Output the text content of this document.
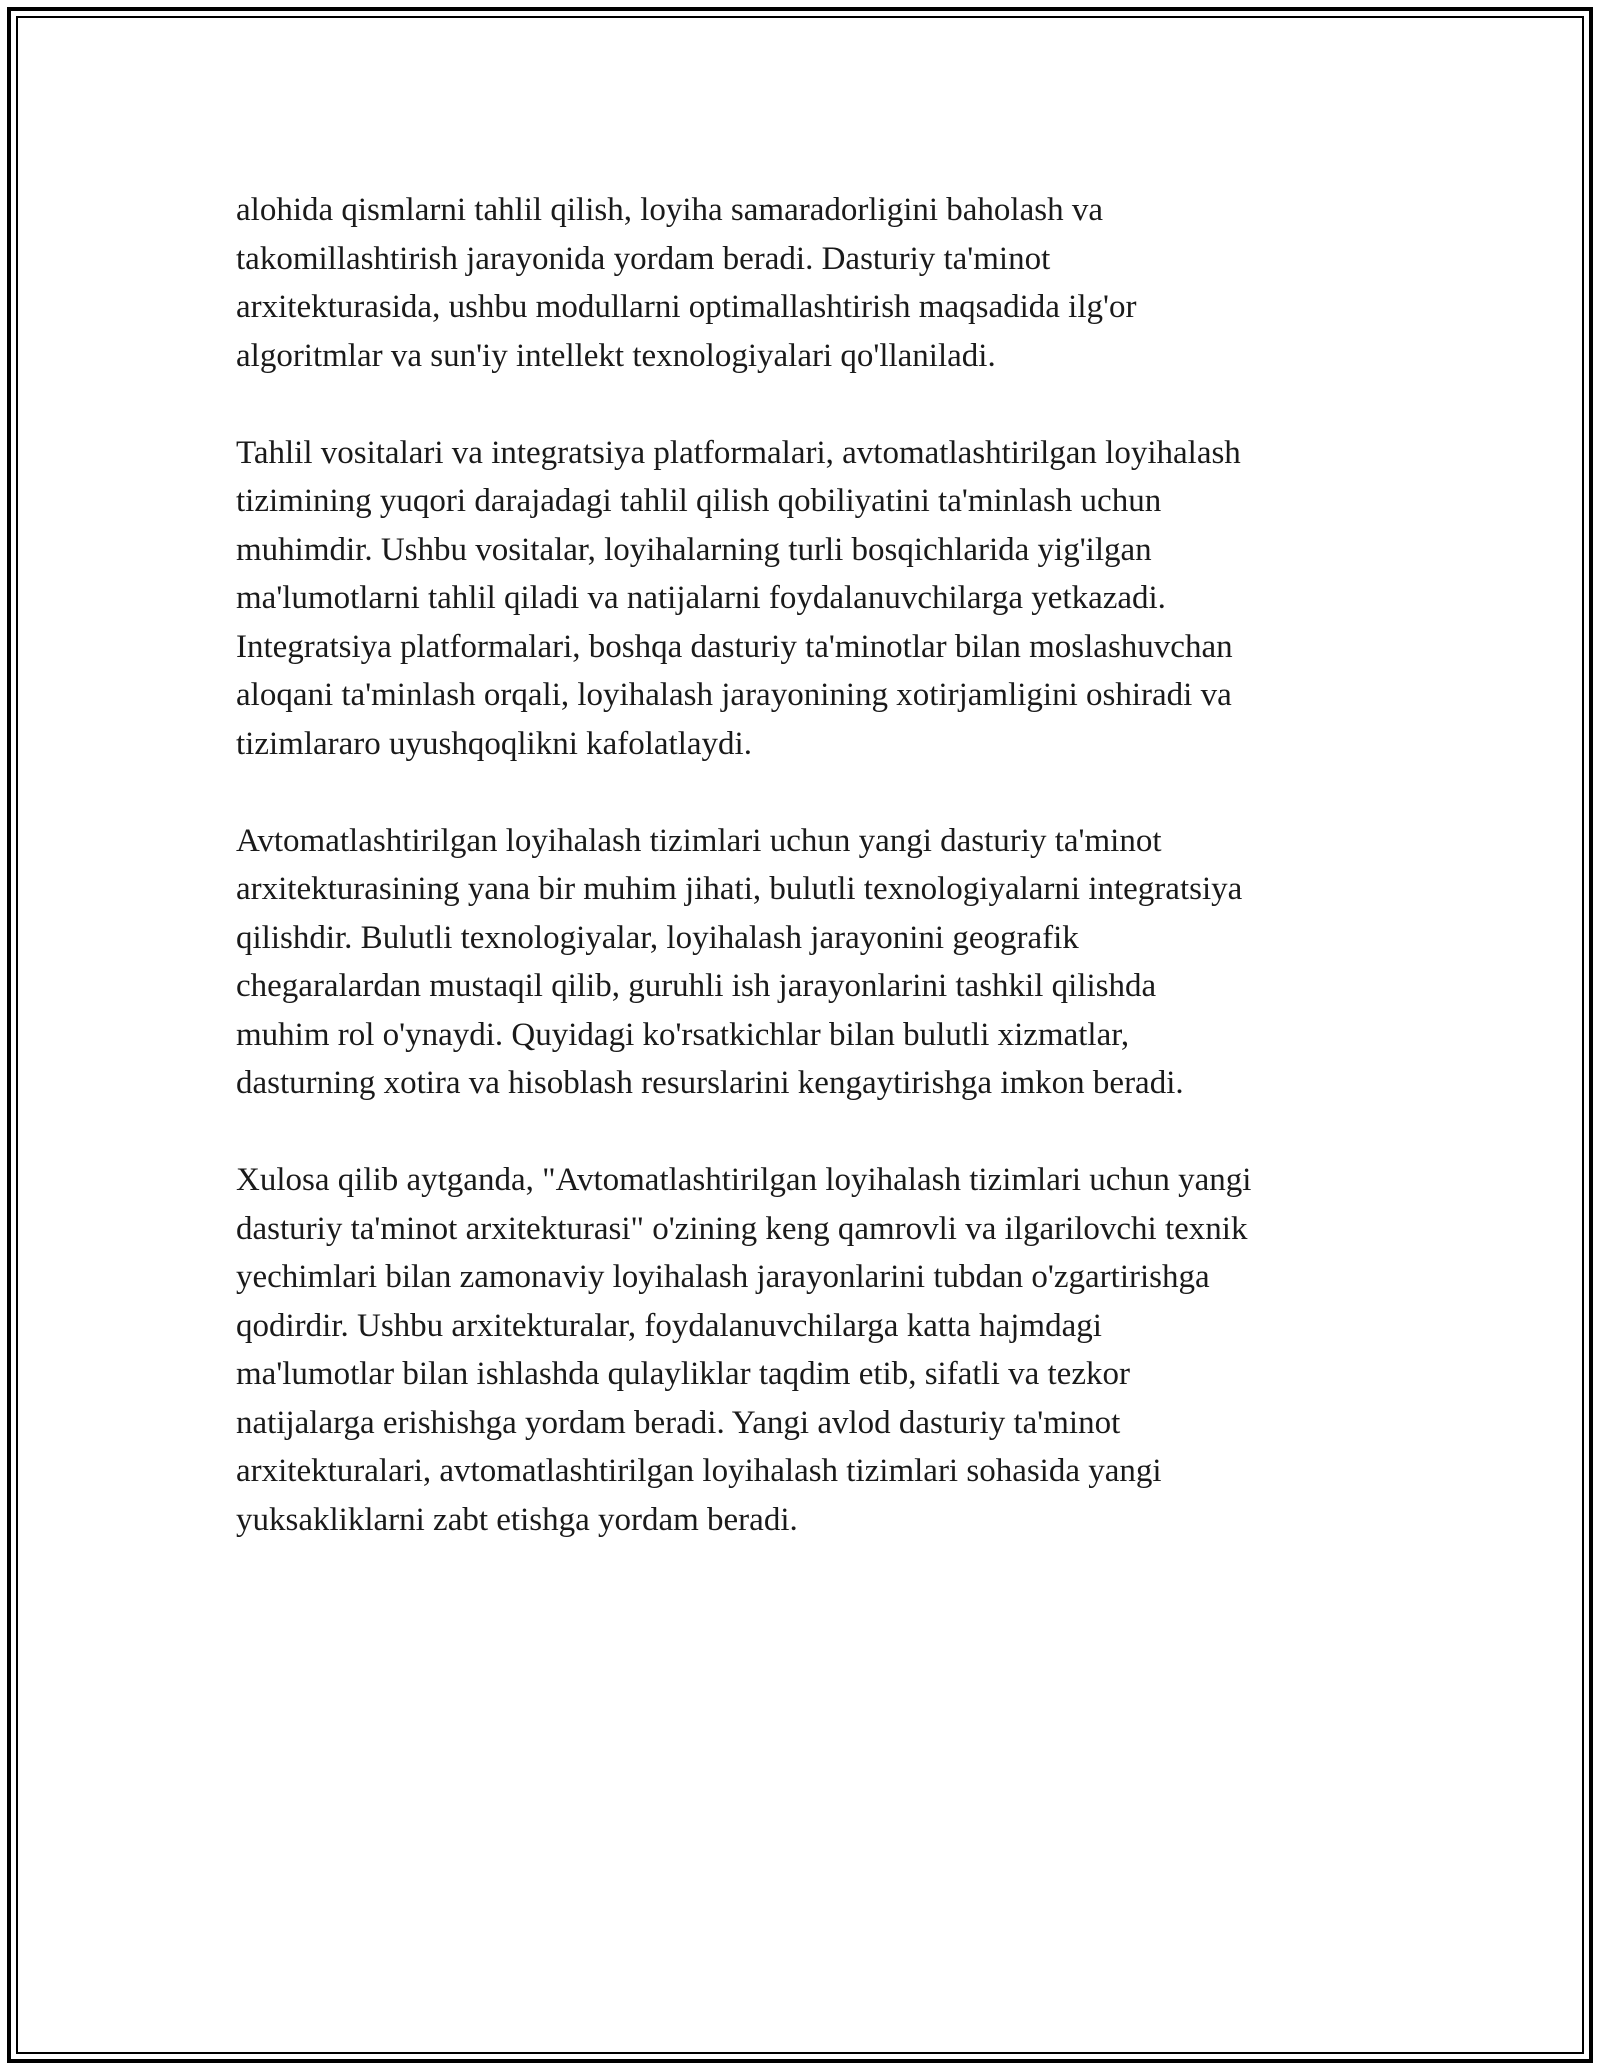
alohida qismlarni tahlil qilish, loyiha samaradorligini baholash va
takomillashtirish jarayonida yordam beradi. Dasturiy ta'minot
arxitekturasida, ushbu modullarni optimallashtirish maqsadida ilg'or
algoritmlar va sun'iy intellekt texnologiyalari qo'llaniladi.

Tahlil vositalari va integratsiya platformalari, avtomatlashtirilgan loyihalash
tizimining yuqori darajadagi tahlil qilish qobiliyatini ta'minlash uchun
muhimdir. Ushbu vositalar, loyihalarning turli bosqichlarida yig'ilgan
ma'lumotlarni tahlil qiladi va natijalarni foydalanuvchilarga yetkazadi.
Integratsiya platformalari, boshqa dasturiy ta'minotlar bilan moslashuvchan
aloqani ta'minlash orqali, loyihalash jarayonining xotirjamligini oshiradi va
tizimlararo uyushqoqlikni kafolatlaydi.

Avtomatlashtirilgan loyihalash tizimlari uchun yangi dasturiy ta'minot
arxitekturasining yana bir muhim jihati, bulutli texnologiyalarni integratsiya
qilishdir. Bulutli texnologiyalar, loyihalash jarayonini geografik
chegaralardan mustaqil qilib, guruhli ish jarayonlarini tashkil qilishda
muhim rol o'ynaydi. Quyidagi ko'rsatkichlar bilan bulutli xizmatlar,
dasturning xotira va hisoblash resurslarini kengaytirishga imkon beradi.

Xulosa qilib aytganda, "Avtomatlashtirilgan loyihalash tizimlari uchun yangi
dasturiy ta'minot arxitekturasi" o'zining keng qamrovli va ilgarilovchi texnik
yechimlari bilan zamonaviy loyihalash jarayonlarini tubdan o'zgartirishga
qodirdir. Ushbu arxitekturalar, foydalanuvchilarga katta hajmdagi
ma'lumotlar bilan ishlashda qulayliklar taqdim etib, sifatli va tezkor
natijalarga erishishga yordam beradi. Yangi avlod dasturiy ta'minot
arxitekturalari, avtomatlashtirilgan loyihalash tizimlari sohasida yangi
yuksakliklarni zabt etishga yordam beradi.
